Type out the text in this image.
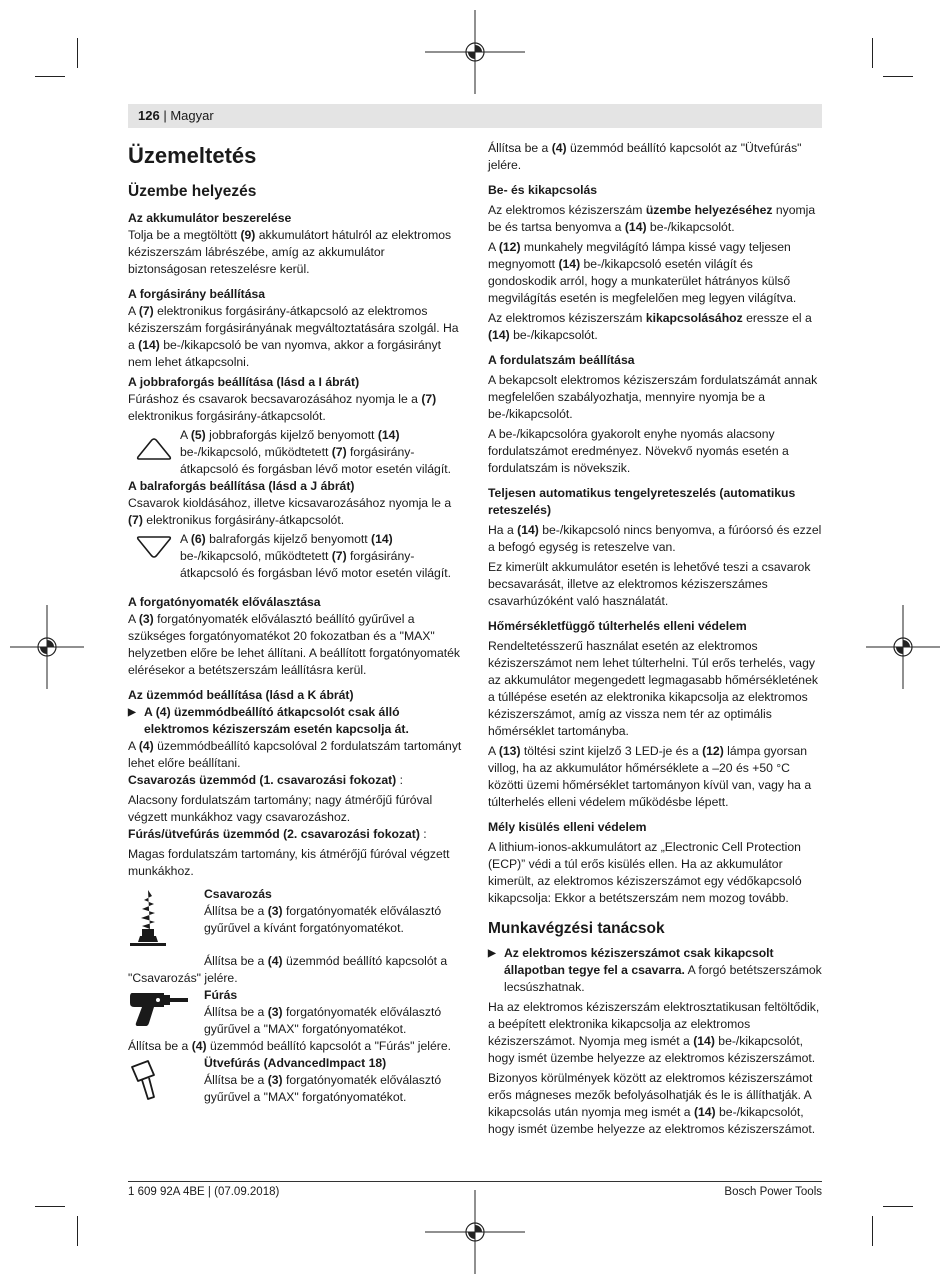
126 | Magyar
Üzemeltetés
Üzembe helyezés

Az akkumulátor beszerelése

Tolja be a megtöltött (9) akkumulátort hátulról az elektromos kéziszerszám lábrészébe, amíg az akkumulátor biztonságosan reteszelésre kerül.

A forgásirány beállítása

A (7) elektronikus forgásirány-átkapcsoló az elektromos kéziszerszám forgásirányának megváltoztatására szolgál. Ha a (14) be-/kikapcsoló be van nyomva, akkor a forgásirányt nem lehet átkapcsolni.

A jobbraforgás beállítása (lásd a I ábrát)

Fúráshoz és csavarok becsavarozásához nyomja le a (7) elektronikus forgásirány-átkapcsolót.

A (5) jobbraforgás kijelző benyomott (14) be-/kikapcsoló, működtetett (7) forgásirány-átkapcsoló és forgásban lévő motor esetén világít.

A balraforgás beállítása (lásd a J ábrát)

Csavarok kioldásához, illetve kicsavarozásához nyomja le a (7) elektronikus forgásirány-átkapcsolót.

A (6) balraforgás kijelző benyomott (14) be-/kikapcsoló, működtetett (7) forgásirány-átkapcsoló és forgásban lévő motor esetén világít.

A forgatónyomaték előválasztása

A (3) forgatónyomaték előválasztó beállító gyűrűvel a szükséges forgatónyomatékot 20 fokozatban és a "MAX" helyzetben előre be lehet állítani. A beállított forgatónyomaték elérésekor a betétszerszám leállításra kerül.

Az üzemmód beállítása (lásd a K ábrát)

▶ A (4) üzemmódbeállító átkapcsolót csak álló elektromos kéziszerszám esetén kapcsolja át.

A (4) üzemmódbeállító kapcsolóval 2 fordulatszám tartományt lehet előre beállítani.

Csavarozás üzemmód (1. csavarozási fokozat) :

Alacsony fordulatszám tartomány; nagy átmérőjű fúróval végzett munkákhoz vagy csavarozáshoz.

Fúrás/ütvefúrás üzemmód (2. csavarozási fokozat) :

Magas fordulatszám tartomány, kis átmérőjű fúróval végzett munkákhoz.

Csavarozás

Állítsa be a (3) forgatónyomaték előválasztó gyűrűvel a kívánt forgatónyomatékot.

Állítsa be a (4) üzemmód beállító kapcsolót a "Csavarozás" jelére.

Fúrás

Állítsa be a (3) forgatónyomaték előválasztó gyűrűvel a "MAX" forgatónyomatékot.

Állítsa be a (4) üzemmód beállító kapcsolót a "Fúrás" jelére.

Ütvefúrás (AdvancedImpact 18)

Állítsa be a (3) forgatónyomaték előválasztó gyűrűvel a "MAX" forgatónyomatékot.

Állítsa be a (4) üzemmód beállító kapcsolót az "Ütvefúrás" jelére.

Be- és kikapcsolás

Az elektromos kéziszerszám üzembe helyezéséhez nyomja be és tartsa benyomva a (14) be-/kikapcsolót.

A (12) munkahely megvilágító lámpa kissé vagy teljesen megnyomott (14) be-/kikapcsoló esetén világít és gondoskodik arról, hogy a munkaterület hátrányos külső megvilágítás esetén is megfelelően meg legyen világítva.

Az elektromos kéziszerszám kikapcsolásához eressze el a (14) be-/kikapcsolót.

A fordulatszám beállítása

A bekapcsolt elektromos kéziszerszám fordulatszámát annak megfelelően szabályozhatja, mennyire nyomja be a be-/kikapcsolót.

A be-/kikapcsolóra gyakorolt enyhe nyomás alacsony fordulatszámot eredményez. Növekvő nyomás esetén a fordulatszám is növekszik.

Teljesen automatikus tengelyreteszelés (automatikus reteszelés)

Ha a (14) be-/kikapcsoló nincs benyomva, a fúróorsó és ezzel a befogó egység is reteszelve van.

Ez kimerült akkumulátor esetén is lehetővé teszi a csavarok becsavarását, illetve az elektromos kéziszerszámes csavarhúzóként való használatát.

Hőmérsékletfüggő túlterhelés elleni védelem

Rendeltetésszerű használat esetén az elektromos kéziszerszámot nem lehet túlterhelni. Túl erős terhelés, vagy az akkumulátor megengedett legmagasabb hőmérsékletének a túllépése esetén az elektronika kikapcsolja az elektromos kéziszerszámot, amíg az vissza nem tér az optimális hőmérséklet tartományba.

A (13) töltési szint kijelző 3 LED-je és a (12) lámpa gyorsan villog, ha az akkumulátor hőmérséklete a –20 és +50 °C közötti üzemi hőmérséklet tartományon kívül van, vagy ha a túlterhelés elleni védelem működésbe lépett.

Mély kisülés elleni védelem

A lithium-ionos-akkumulátort az „Electronic Cell Protection (ECP)” védi a túl erős kisülés ellen. Ha az akkumulátor kimerült, az elektromos kéziszerszámot egy védőkapcsoló kikapcsolja: Ekkor a betétszerszám nem mozog tovább.

Munkavégzési tanácsok
▶ Az elektromos kéziszerszámot csak kikapcsolt állapotban tegye fel a csavarra. A forgó betétszerszámok lecsúszhatnak.

Ha az elektromos kéziszerszám elektrosztatikusan feltöltődik, a beépített elektronika kikapcsolja az elektromos kéziszerszámot. Nyomja meg ismét a (14) be-/kikapcsolót, hogy ismét üzembe helyezze az elektromos kéziszerszámot.

Bizonyos körülmények között az elektromos kéziszerszámot erős mágneses mezők befolyásolhatják és le is állíthatják. A kikapcsolás után nyomja meg ismét a (14) be-/kikapcsolót, hogy ismét üzembe helyezze az elektromos kéziszerszámot.

1 609 92A 4BE | (07.09.2018)	Bosch Power Tools
